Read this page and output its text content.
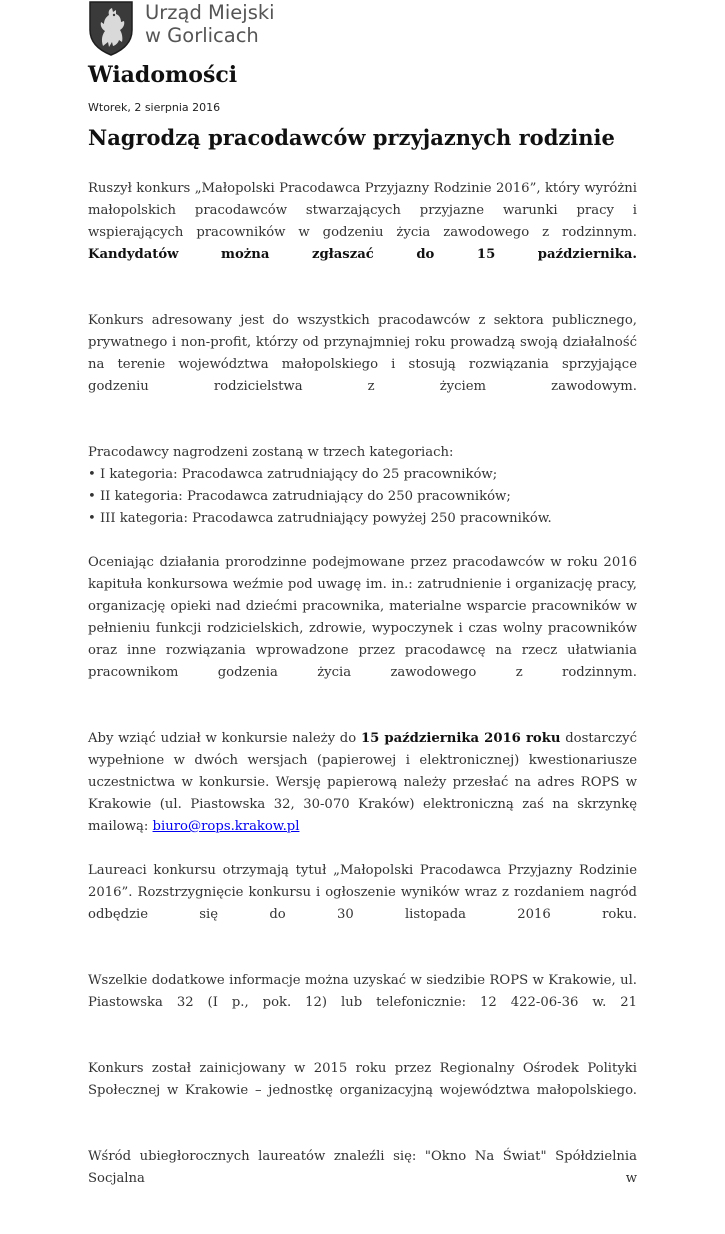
Urząd Miejski
w Gorlicach
Wiadomości
Wtorek, 2 sierpnia 2016
Nagrodzą pracodawców przyjaznych rodzinie

Ruszył konkurs „Małopolski Pracodawca Przyjazny Rodzinie 2016”, który wyróżni małopolskich pracodawców stwarzających przyjazne warunki pracy i wspierających pracowników w godzeniu życia zawodowego z rodzinnym. Kandydatów można zgłaszać do 15 października.

Konkurs adresowany jest do wszystkich pracodawców z sektora publicznego, prywatnego i non-profit, którzy od przynajmniej roku prowadzą swoją działalność na terenie województwa małopolskiego i stosują rozwiązania sprzyjające godzeniu rodzicielstwa z życiem zawodowym.

Pracodawcy nagrodzeni zostaną w trzech kategoriach:
• I kategoria: Pracodawca zatrudniający do 25 pracowników;
• II kategoria: Pracodawca zatrudniający do 250 pracowników;
• III kategoria: Pracodawca zatrudniający powyżej 250 pracowników.

Oceniając działania prorodzinne podejmowane przez pracodawców w roku 2016 kapituła konkursowa weźmie pod uwagę im. in.: zatrudnienie i organizację pracy, organizację opieki nad dziećmi pracownika, materialne wsparcie pracowników w pełnieniu funkcji rodzicielskich, zdrowie, wypoczynek i czas wolny pracowników oraz inne rozwiązania wprowadzone przez pracodawcę na rzecz ułatwiania pracownikom godzenia życia zawodowego z rodzinnym.

Aby wziąć udział w konkursie należy do 15 października 2016 roku dostarczyć wypełnione w dwóch wersjach (papierowej i elektronicznej) kwestionariusze uczestnictwa w konkursie. Wersję papierową należy przesłać na adres ROPS w Krakowie (ul. Piastowska 32, 30-070 Kraków) elektroniczną zaś na skrzynkę mailową: biuro@rops.krakow.pl

Laureaci konkursu otrzymają tytuł „Małopolski Pracodawca Przyjazny Rodzinie 2016”. Rozstrzygnięcie konkursu i ogłoszenie wyników wraz z rozdaniem nagród odbędzie się do 30 listopada 2016 roku.

Wszelkie dodatkowe informacje można uzyskać w siedzibie ROPS w Krakowie, ul. Piastowska 32 (I p., pok. 12) lub telefonicznie: 12 422-06-36 w. 21

Konkurs został zainicjowany w 2015 roku przez Regionalny Ośrodek Polityki Społecznej w Krakowie – jednostkę organizacyjną województwa małopolskiego.

Wśród ubiegłorocznych laureatów znaleźli się: "Okno Na Świat" Spółdzielnia Socjalna w
